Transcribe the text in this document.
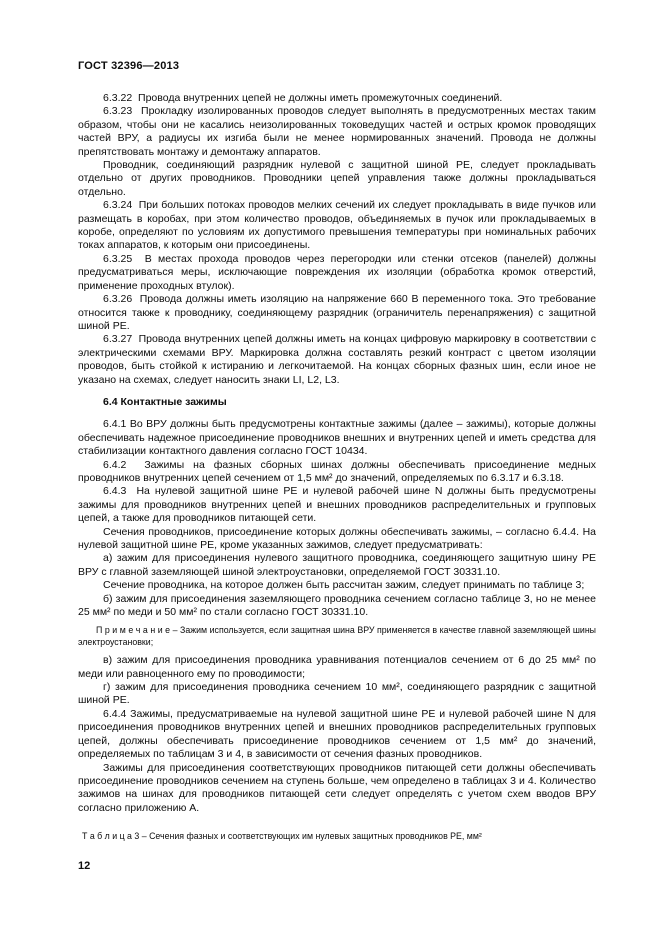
ГОСТ 32396—2013

6.3.22  Провода внутренних цепей не должны иметь промежуточных соединений.

6.3.23  Прокладку изолированных проводов следует выполнять в предусмотренных местах таким образом, чтобы они не касались неизолированных токоведущих частей и острых кромок проводящих частей ВРУ, а радиусы их изгиба были не менее нормированных значений. Провода не должны препятствовать монтажу и демонтажу аппаратов.

Проводник, соединяющий разрядник нулевой с защитной шиной PE, следует прокладывать отдельно от других проводников. Проводники цепей управления также должны прокладываться отдельно.

6.3.24  При больших потоках проводов мелких сечений их следует прокладывать в виде пучков или размещать в коробах, при этом количество проводов, объединяемых в пучок или прокладываемых в коробе, определяют по условиям их допустимого превышения температуры при номинальных рабочих токах аппаратов, к которым они присоединены.

6.3.25  В местах прохода проводов через перегородки или стенки отсеков (панелей) должны предусматриваться меры, исключающие повреждения их изоляции (обработка кромок отверстий, применение проходных втулок).

6.3.26  Провода должны иметь изоляцию на напряжение 660 В переменного тока. Это требование относится также к проводнику, соединяющему разрядник (ограничитель перенапряжения) с защитной шиной PE.

6.3.27  Провода внутренних цепей должны иметь на концах цифровую маркировку в соответствии с электрическими схемами ВРУ. Маркировка должна составлять резкий контраст с цветом изоляции проводов, быть стойкой к истиранию и легкочитаемой. На концах сборных фазных шин, если иное не указано на схемах, следует наносить знаки LI, L2, L3.

6.4 Контактные зажимы

6.4.1 Во ВРУ должны быть предусмотрены контактные зажимы (далее – зажимы), которые должны обеспечивать надежное присоединение проводников внешних и внутренних цепей и иметь средства для стабилизации контактного давления согласно ГОСТ 10434.

6.4.2  Зажимы на фазных сборных шинах должны обеспечивать присоединение медных проводников внутренних цепей сечением от 1,5 мм² до значений, определяемых по 6.3.17 и 6.3.18.

6.4.3  На нулевой защитной шине PE и нулевой рабочей шине N должны быть предусмотрены зажимы для проводников внутренних цепей и внешних проводников распределительных и групповых цепей, а также для проводников питающей сети.

Сечения проводников, присоединение которых должны обеспечивать зажимы, – согласно 6.4.4. На нулевой защитной шине PE, кроме указанных зажимов, следует предусматривать:

а) зажим для присоединения нулевого защитного проводника, соединяющего защитную шину PE ВРУ с главной заземляющей шиной электроустановки, определяемой ГОСТ 30331.10.

Сечение проводника, на которое должен быть рассчитан зажим, следует принимать по таблице 3;

б) зажим для присоединения заземляющего проводника сечением согласно таблице 3, но не менее 25 мм² по меди и 50 мм² по стали согласно ГОСТ 30331.10.

П р и м е ч а н и е – Зажим используется, если защитная шина ВРУ применяется в качестве главной заземляющей шины электроустановки;

в) зажим для присоединения проводника уравнивания потенциалов сечением от 6 до 25 мм² по меди или равноценного ему по проводимости;

г) зажим для присоединения проводника сечением 10 мм², соединяющего разрядник с защитной шиной PE.

6.4.4 Зажимы, предусматриваемые на нулевой защитной шине PE и нулевой рабочей шине N для присоединения проводников внутренних цепей и внешних проводников распределительных групповых цепей, должны обеспечивать присоединение проводников сечением от 1,5 мм² до значений, определяемых по таблицам 3 и 4, в зависимости от сечения фазных проводников.

Зажимы для присоединения соответствующих проводников питающей сети должны обеспечивать присоединение проводников сечением на ступень больше, чем определено в таблицах 3 и 4. Количество зажимов на шинах для проводников питающей сети следует определять с учетом схем вводов ВРУ согласно приложению А.

Т а б л и ц а 3 – Сечения фазных и соответствующих им нулевых защитных проводников PE, мм²

12
